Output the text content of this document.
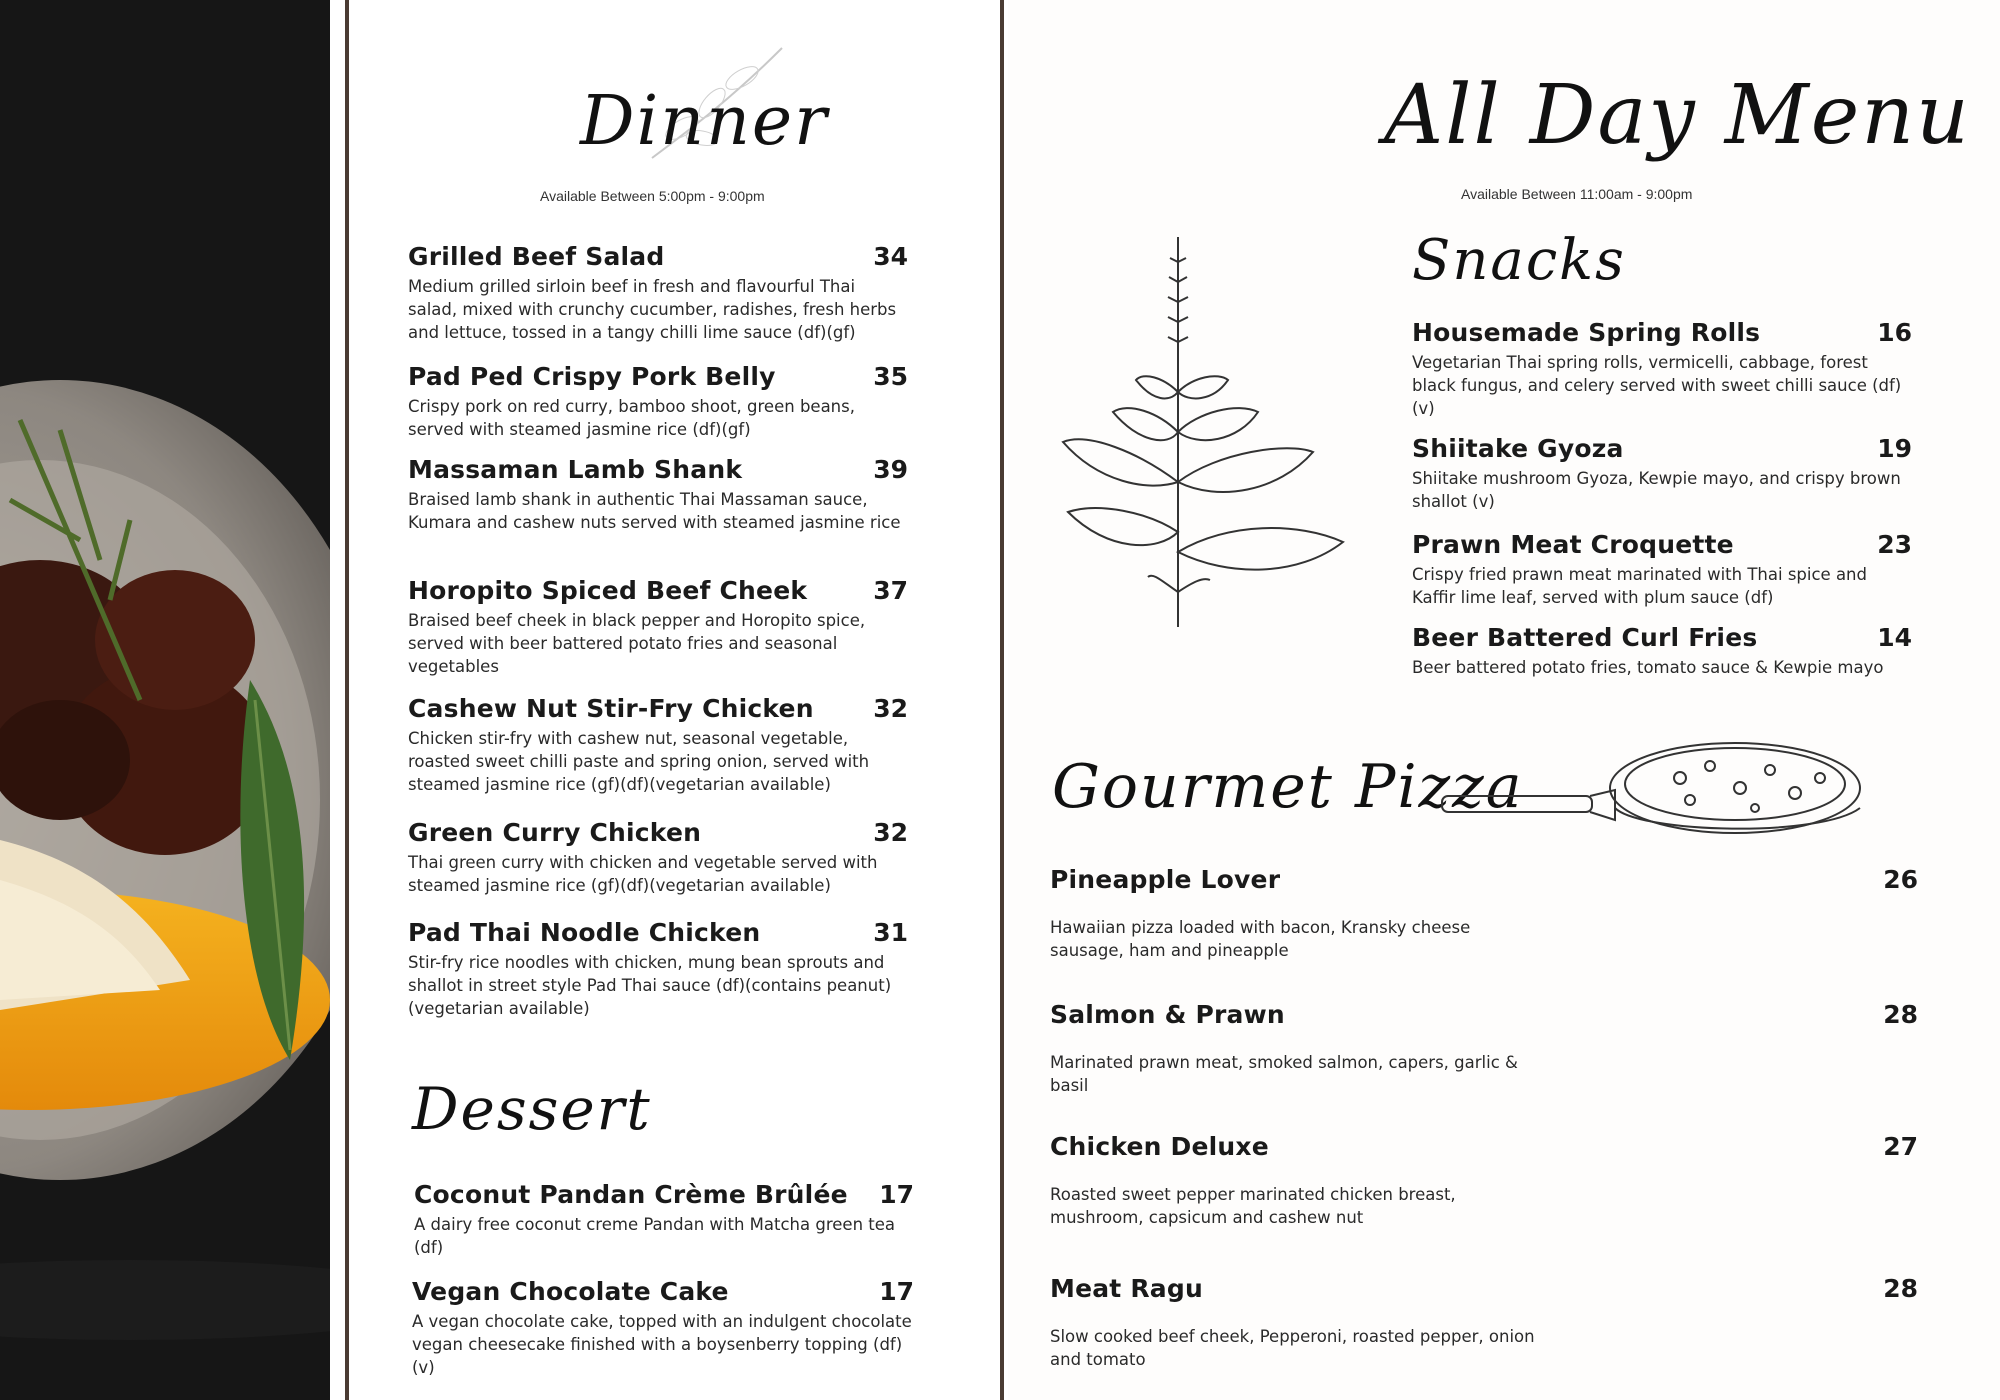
Dinner
Available Between 5:00pm - 9:00pm
Grilled Beef Salad	34
Medium grilled sirloin beef in fresh and flavourful Thai salad, mixed with crunchy cucumber, radishes, fresh herbs and lettuce, tossed in a tangy chilli lime sauce (df)(gf)
Pad Ped Crispy Pork Belly	35
Crispy pork on red curry, bamboo shoot, green beans, served with steamed jasmine rice (df)(gf)
Massaman Lamb Shank	39
Braised lamb shank in authentic Thai Massaman sauce, Kumara and cashew nuts served with steamed jasmine rice
Horopito Spiced Beef Cheek	37
Braised beef cheek in black pepper and Horopito spice, served with beer battered potato fries and seasonal vegetables
Cashew Nut Stir-Fry Chicken 32
Chicken stir-fry with cashew nut, seasonal vegetable, roasted sweet chilli paste and spring onion, served with steamed jasmine rice (gf)(df)(vegetarian available)
Green Curry Chicken	32
Thai green curry with chicken and vegetable served with steamed jasmine rice (gf)(df)(vegetarian available)
Pad Thai Noodle Chicken	31
Stir-fry rice noodles with chicken, mung bean sprouts and shallot in street style Pad Thai sauce (df)(contains peanut)(vegetarian available)
Dessert
Coconut Pandan Crème Brûlée 17
A dairy free coconut creme Pandan with Matcha green tea (df)
Vegan Chocolate Cake	17
A vegan chocolate cake, topped with an indulgent chocolate vegan cheesecake finished with a boysenberry topping (df)(v)
All Day Menu
Available Between 11:00am - 9:00pm
Snacks
Housemade Spring Rolls	16
Vegetarian Thai spring rolls, vermicelli, cabbage, forest black fungus, and celery served with sweet chilli sauce (df) (v)
Shiitake Gyoza	19
Shiitake mushroom Gyoza, Kewpie mayo, and crispy brown shallot (v)
Prawn Meat Croquette	23
Crispy fried prawn meat marinated with Thai spice and Kaffir lime leaf, served with plum sauce (df)
Beer Battered Curl Fries	14
Beer battered potato fries, tomato sauce & Kewpie mayo
Gourmet Pizza
Pineapple Lover	26
Hawaiian pizza loaded with bacon, Kransky cheese sausage, ham and pineapple
Salmon & Prawn	28
Marinated prawn meat, smoked salmon, capers, garlic & basil
Chicken Deluxe	27
Roasted sweet pepper marinated chicken breast, mushroom, capsicum and cashew nut
Meat Ragu	28
Slow cooked beef cheek, Pepperoni, roasted pepper, onion and tomato
